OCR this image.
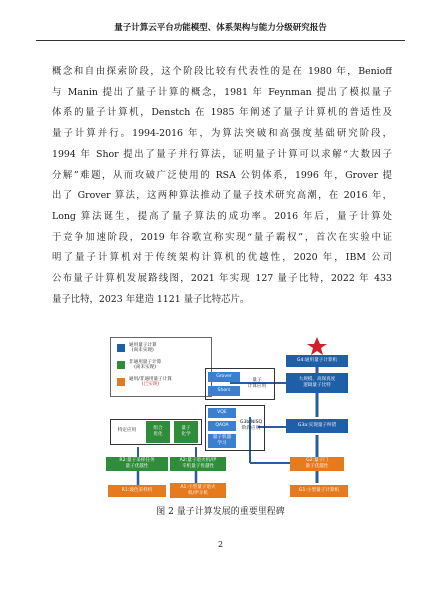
量子计算云平台功能模型、体系架构与能力分级研究报告
概念和自由探索阶段，这个阶段比较有代表性的是在 1980 年，Benioff
与 Manin 提出了量子计算的概念，1981 年 Feynman 提出了模拟量子
体系的量子计算机，Denstch 在 1985 年阐述了量子计算机的普适性及
量子计算并行。1994-2016 年，为算法突破和高强度基础研究阶段，
1994 年 Shor 提出了量子并行算法，证明量子计算可以求解“大数因子
分解”难题，从而攻破广泛使用的 RSA 公钥体系，1996 年，Grover 提
出了 Grover 算法，这两种算法推动了量子技术研究高潮，在 2016 年，
Long 算法诞生，提高了量子算法的成功率。2016 年后，量子计算处
于竞争加速阶段，2019 年谷歌宣称实现“量子霸权”，首次在实验中证
明了量子计算机对于传统架构计算机的优越性，2020 年，IBM 公司
公布量子计算机发展路线图，2021 年实现 127 量子比特，2022 年 433
量子比特，2023 年建造 1121 量子比特芯片。
通用量子计算
(尚未实现)
非通用量子计算
(尚未实现)
通用/非通用量子计算
(已实现)
G4:通用量子计算机
Grover
Shors
量子
计算应用
大规模、高保真度
逻辑量子比特
VQE
QAOA
量子机器
学习
G3b:NISQ
阶段应用
G3a:实现量子纠错
特定应用	组合
优化
量子
化学
R2:量子采样任务
量子优越性
A2:量子退火机/伊
辛机量子优越性
G2:量子门
量子优越性
R1:玻色采样机
A1:小型量子退火
机/伊辛机	G1:小型量子计算机
图 2 量子计算发展的重要里程碑
2
